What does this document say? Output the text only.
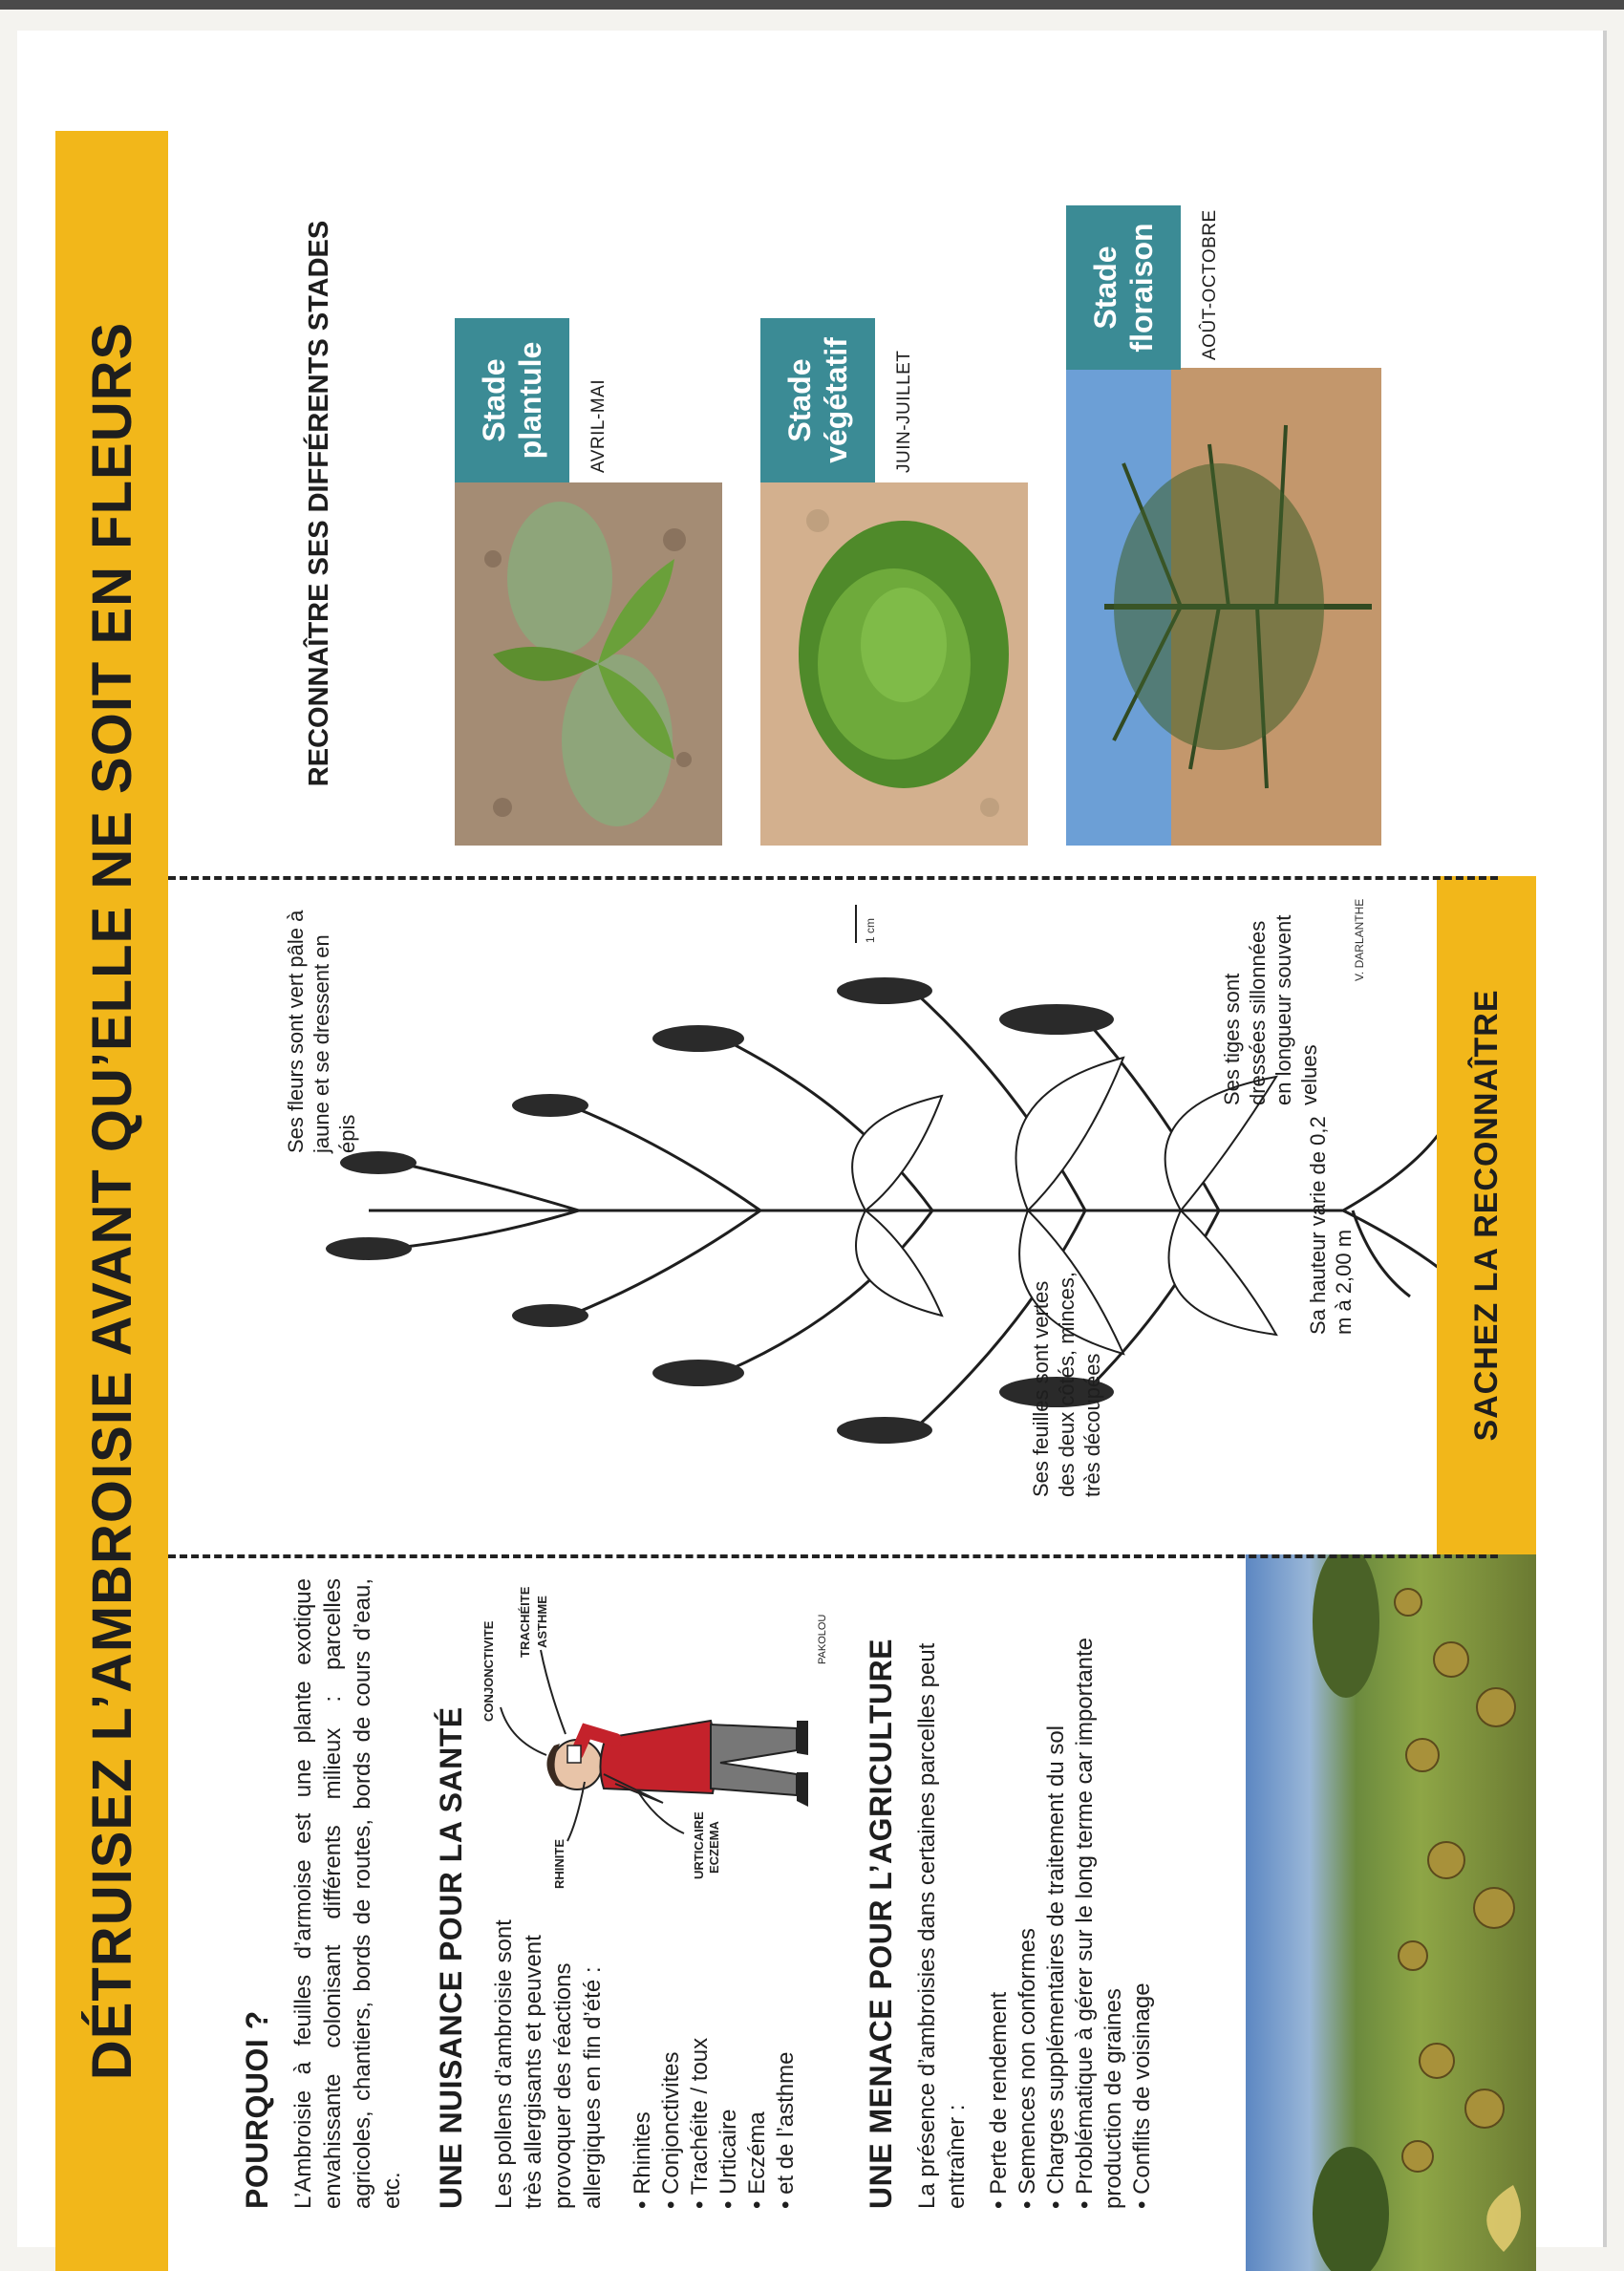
DÉTRUISEZ L’AMBROISIE AVANT QU’ELLE NE SOIT EN FLEURS
POURQUOI ? L’Ambroisie à feuilles d’armoise est une plante exotique envahissante colonisant différents milieux : parcelles agricoles, chantiers, bords de routes, bords de cours d’eau, etc. UNE NUISANCE POUR LA SANTÉ Les pollens d’ambroisie sont très allergisants et peuvent provoquer des réactions allergiques en fin d’été : • Rhinites • Conjonctivites • Trachéite / toux • Urticaire • Eczéma • et de l’asthme
CONJONCTIVITE TRACHÉITE ASTHME
RHINITE	URTICAIRE ECZEMA
PAKOLOU UNE MENACE POUR L’AGRICULTURE La présence d’ambroisies dans certaines parcelles peut entraîner : • Perte de rendement • Semences non conformes • Charges supplémentaires de traitement du sol • Problématique à gérer sur le long terme car importante production de graines • Conflits de voisinage
Ses feuilles sont vertes des deux côtés, minces, très découpées
Ses fleurs sont vert pâle à jaune et se dressent en épis
Ses tiges sont dressées sillonnées en longueur souvent velues
Sa hauteur varie de 0,2 m à 2,00 m
1 cm	V. DARLANTHE
SACHEZ LA RECONNAÎTRE
RECONNAÎTRE SES DIFFÉRENTS STADES	Stade plantule	AVRIL-MAI	Stade végétatif	JUIN-JUILLET
Stade floraison	AOÛT-OCTOBRE
